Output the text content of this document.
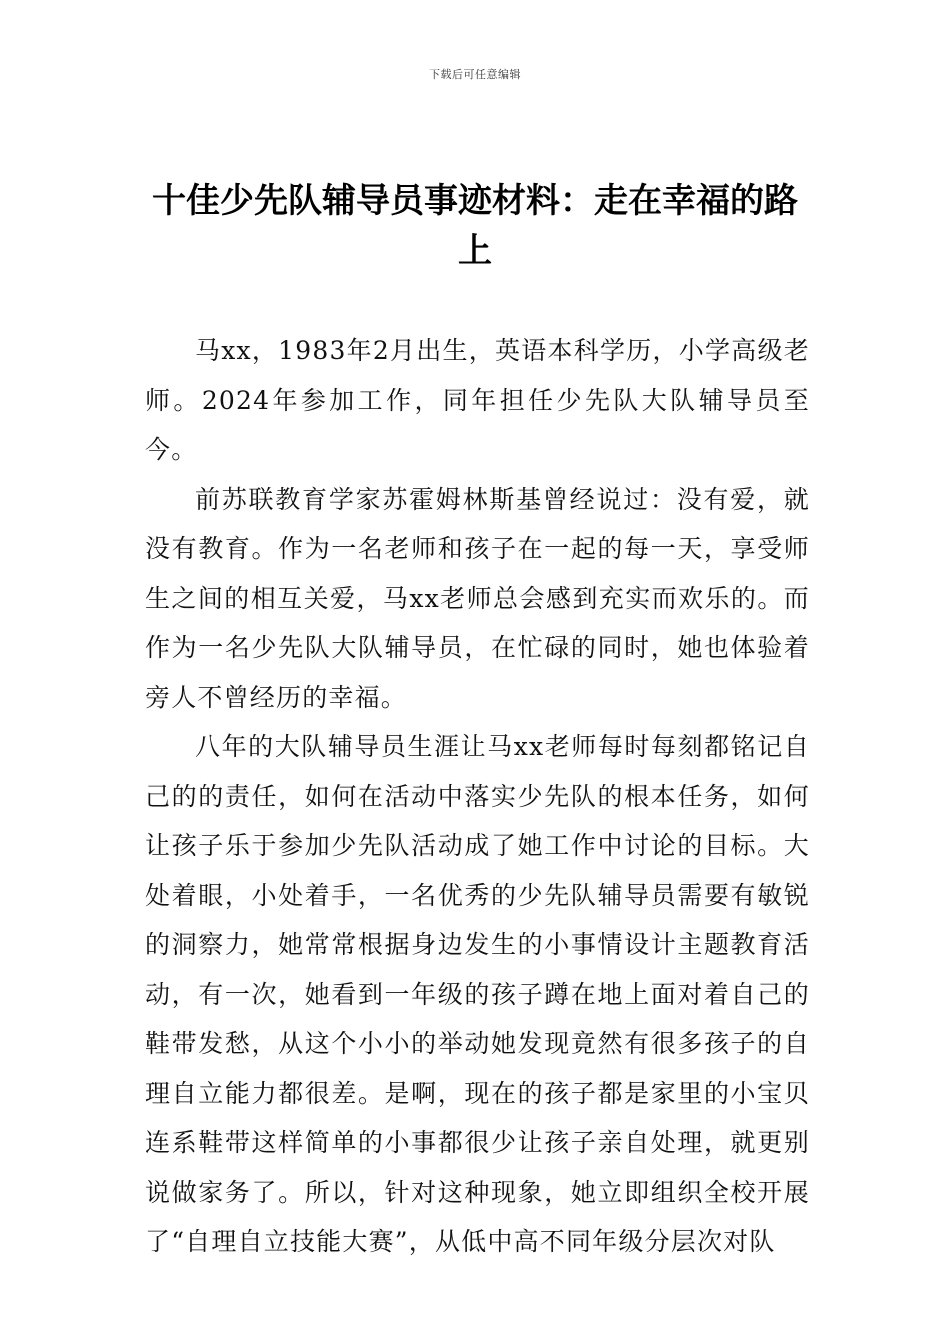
下载后可任意编辑
十佳少先队辅导员事迹材料：走在幸福的路上

马xx，1983年2月出生，英语本科学历，小学高级老师。2024年参加工作，同年担任少先队大队辅导员至今。

前苏联教育学家苏霍姆林斯基曾经说过：没有爱，就没有教育。作为一名老师和孩子在一起的每一天，享受师生之间的相互关爱，马xx老师总会感到充实而欢乐的。而作为一名少先队大队辅导员，在忙碌的同时，她也体验着旁人不曾经历的幸福。

八年的大队辅导员生涯让马xx老师每时每刻都铭记自己的的责任，如何在活动中落实少先队的根本任务，如何让孩子乐于参加少先队活动成了她工作中讨论的目标。大处着眼，小处着手，一名优秀的少先队辅导员需要有敏锐的洞察力，她常常根据身边发生的小事情设计主题教育活动，有一次，她看到一年级的孩子蹲在地上面对着自己的鞋带发愁，从这个小小的举动她发现竟然有很多孩子的自理自立能力都很差。是啊，现在的孩子都是家里的小宝贝连系鞋带这样简单的小事都很少让孩子亲自处理，就更别说做家务了。所以，针对这种现象，她立即组织全校开展了“自理自立技能大赛”，从低中高不同年级分层次对队
